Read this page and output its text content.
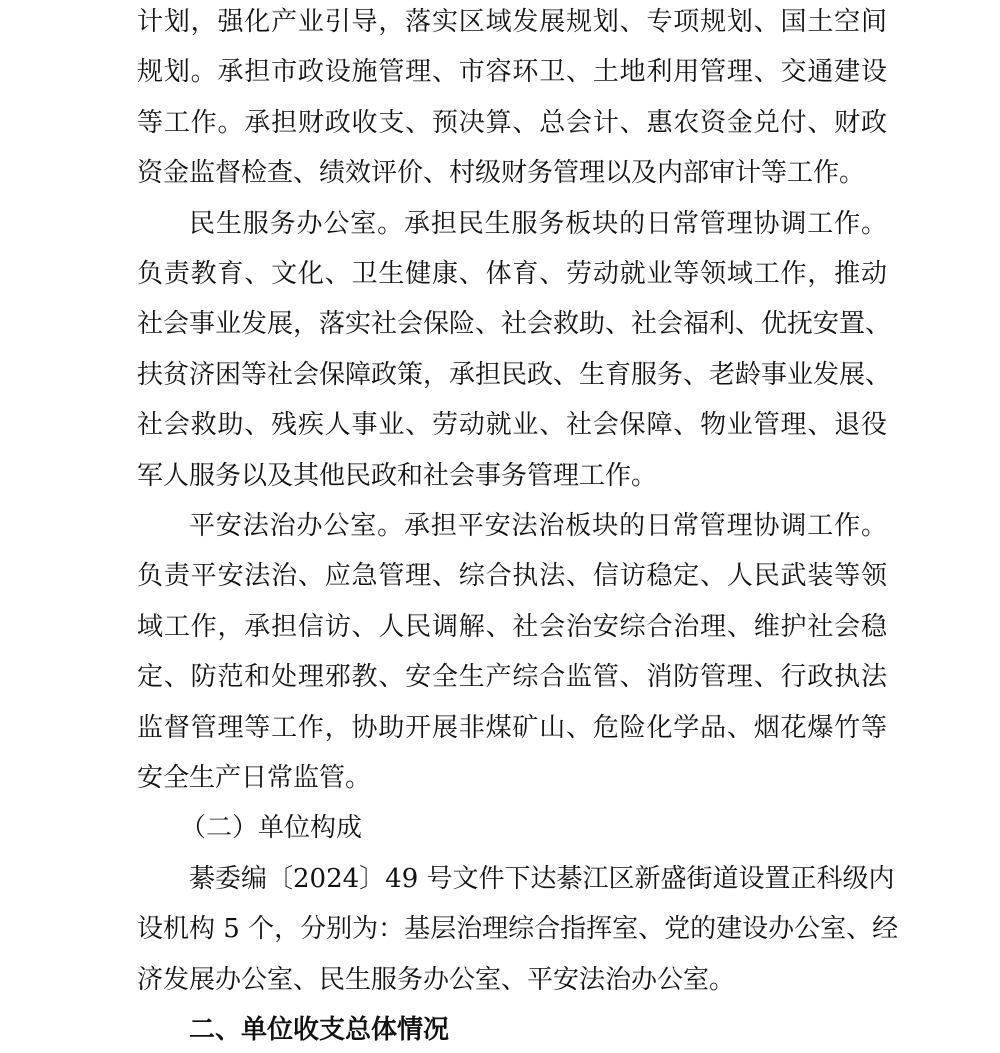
计划，强化产业引导，落实区域发展规划、专项规划、国土空间
规划。承担市政设施管理、市容环卫、土地利用管理、交通建设
等工作。承担财政收支、预决算、总会计、惠农资金兑付、财政
资金监督检查、绩效评价、村级财务管理以及内部审计等工作。
民生服务办公室。承担民生服务板块的日常管理协调工作。
负责教育、文化、卫生健康、体育、劳动就业等领域工作，推动
社会事业发展，落实社会保险、社会救助、社会福利、优抚安置、
扶贫济困等社会保障政策，承担民政、生育服务、老龄事业发展、
社会救助、残疾人事业、劳动就业、社会保障、物业管理、退役
军人服务以及其他民政和社会事务管理工作。
平安法治办公室。承担平安法治板块的日常管理协调工作。
负责平安法治、应急管理、综合执法、信访稳定、人民武装等领
域工作，承担信访、人民调解、社会治安综合治理、维护社会稳
定、防范和处理邪教、安全生产综合监管、消防管理、行政执法
监督管理等工作，协助开展非煤矿山、危险化学品、烟花爆竹等
安全生产日常监管。
（二）单位构成
綦委编〔2024〕49 号文件下达綦江区新盛街道设置正科级内
设机构 5 个，分别为：基层治理综合指挥室、党的建设办公室、经
济发展办公室、民生服务办公室、平安法治办公室。
二、单位收支总体情况
